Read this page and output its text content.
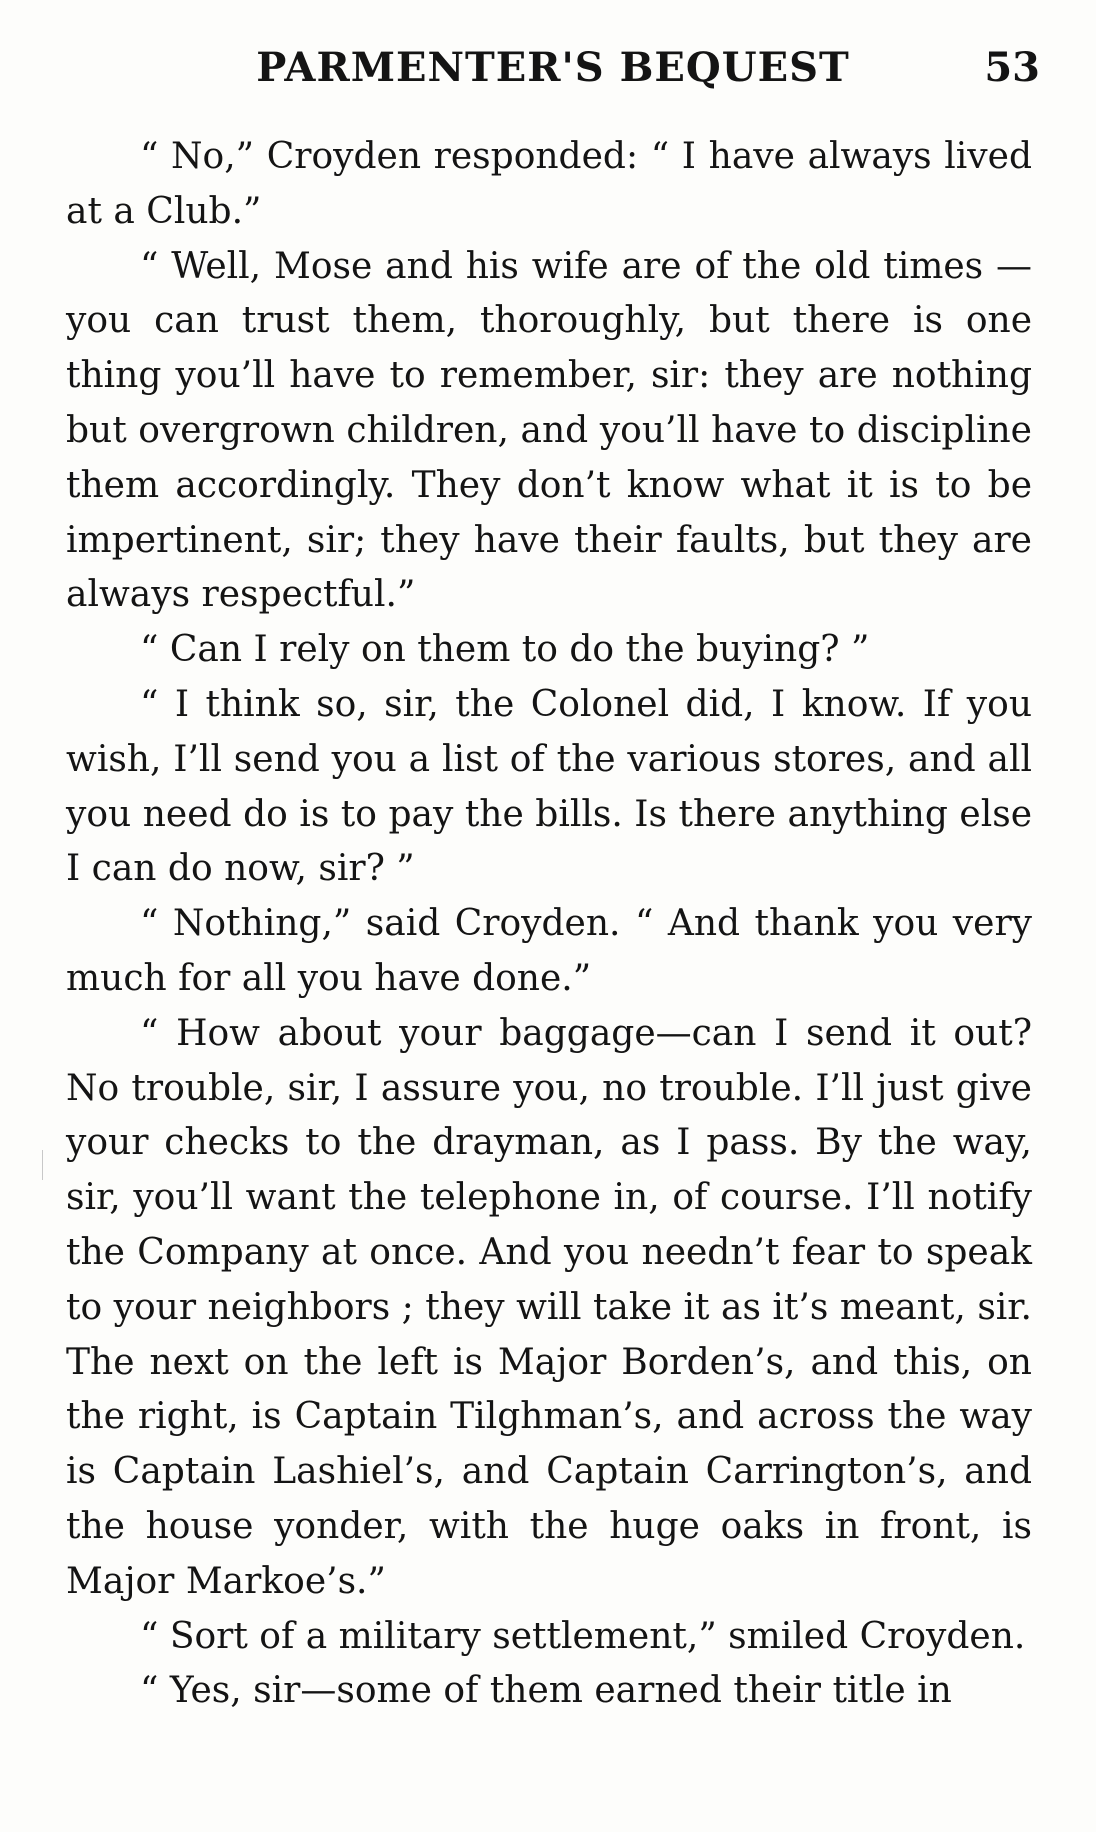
PARMENTER'S BEQUEST	53

“ No,” Croyden responded: “ I have always lived at a Club.”

“ Well, Mose and his wife are of the old times —you can trust them, thoroughly, but there is one thing you’ll have to remember, sir: they are nothing but overgrown children, and you’ll have to discipline them accordingly. They don’t know what it is to be impertinent, sir; they have their faults, but they are always respectful.”

“ Can I rely on them to do the buying? ”

“ I think so, sir, the Colonel did, I know. If you wish, I’ll send you a list of the various stores, and all you need do is to pay the bills. Is there anything else I can do now, sir? ”

“ Nothing,” said Croyden. “ And thank you very much for all you have done.”

“ How about your baggage—can I send it out? No trouble, sir, I assure you, no trouble. I’ll just give your checks to the drayman, as I pass. By the way, sir, you’ll want the telephone in, of course. I’ll notify the Company at once. And you needn’t fear to speak to your neighbors ; they will take it as it’s meant, sir. The next on the left is Major Borden’s, and this, on the right, is Captain Tilghman’s, and across the way is Captain Lashiel’s, and Captain Carrington’s, and the house yonder, with the huge oaks in front, is Major Markoe’s.”

“ Sort of a military settlement,” smiled Croyden.

“ Yes, sir—some of them earned their title in
